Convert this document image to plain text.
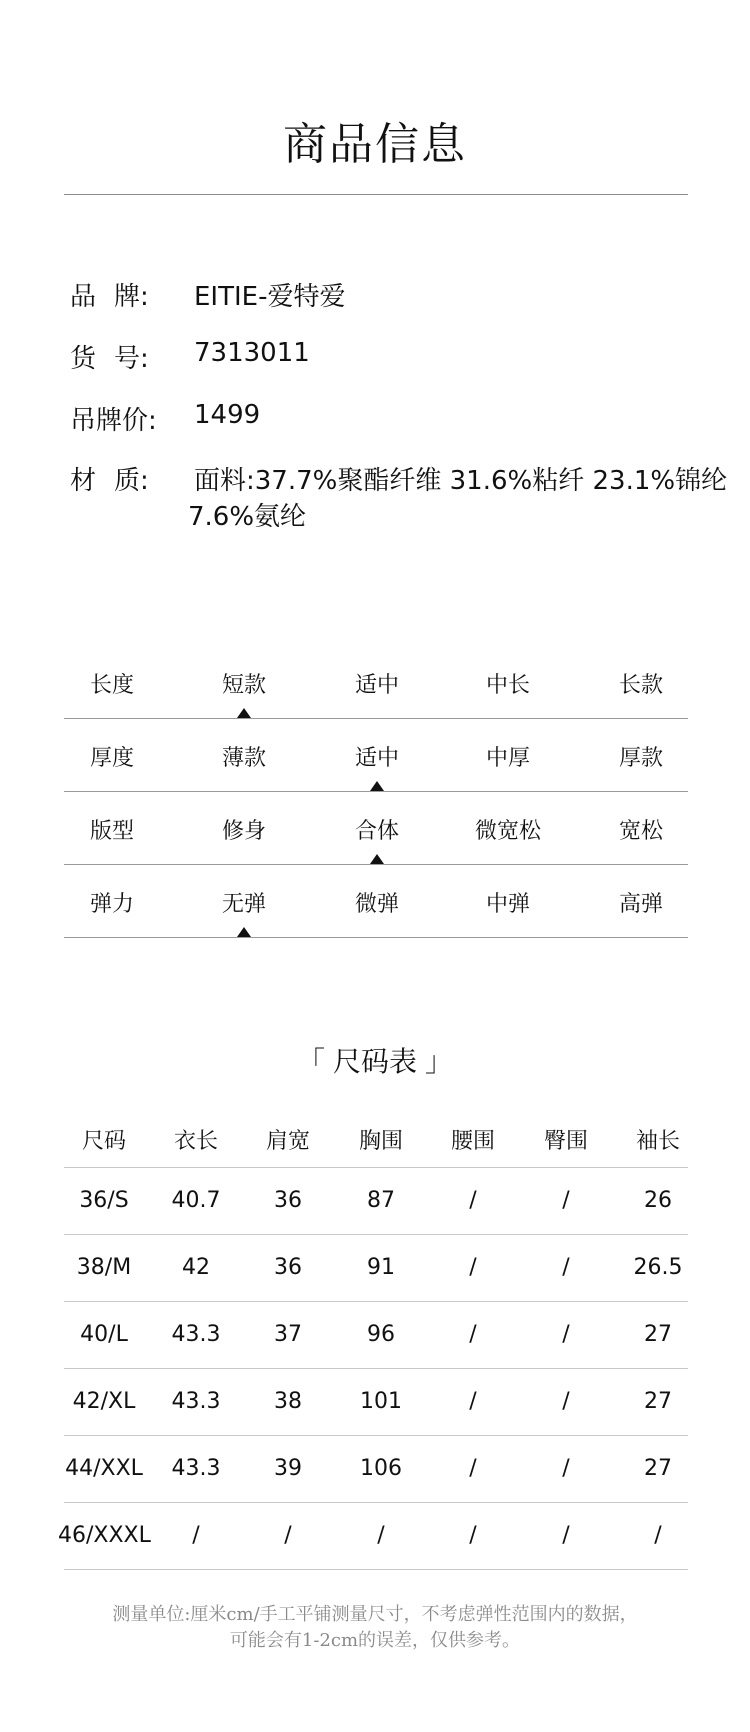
商品信息
品 牌:	EITIE-爱特爱
货 号:	7313011
吊牌价:	1499
材 质:	面料:37.7%聚酯纤维 31.6%粘纤 23.1%锦纶
7.6%氨纶
长度	短款	适中	中长	长款
厚度	薄款	适中	中厚	厚款
版型	修身	合体	微宽松	宽松
弹力	无弹	微弹	中弹	高弹
「 尺码表 」
尺码	衣长	肩宽	胸围	腰围	臀围	袖长
36/S	40.7	36	87	/	/	26
38/M	42	36	91	/	/	26.5
40/L	43.3	37	96	/	/	27
42/XL	43.3	38	101	/	/	27
44/XXL	43.3	39	106	/	/	27
46/XXXL	/	/	/	/	/	/
测量单位:厘米cm/手工平铺测量尺寸，不考虑弹性范围内的数据，
可能会有1-2cm的误差，仅供参考。
